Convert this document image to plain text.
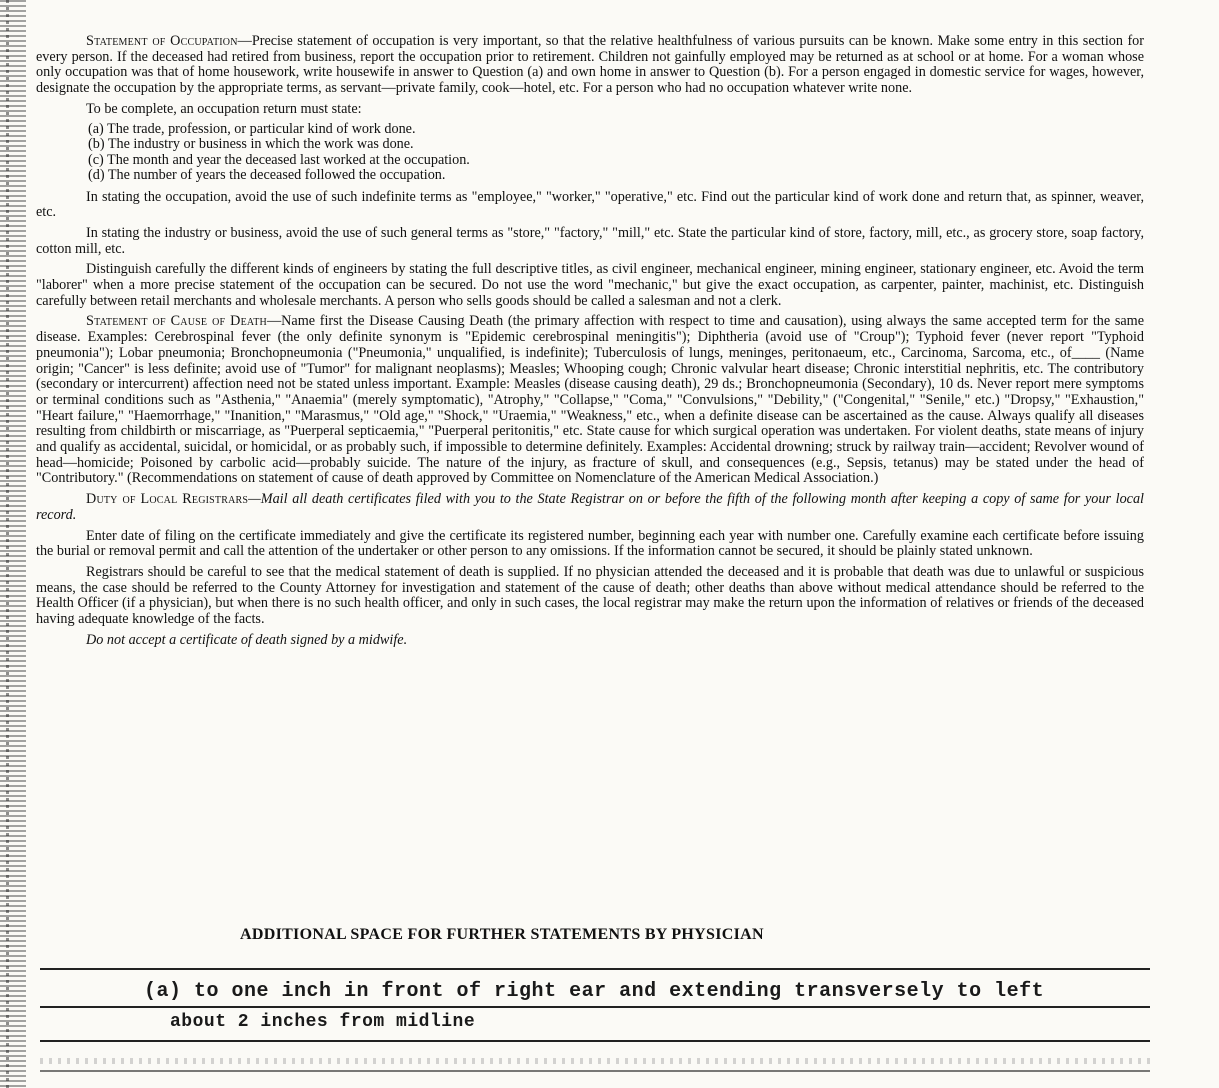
Statement of Occupation—Precise statement of occupation is very important, so that the relative healthfulness of various pursuits can be known. Make some entry in this section for every person. If the deceased had retired from business, report the occupation prior to retirement. Children not gainfully employed may be returned as at school or at home. For a woman whose only occupation was that of home housework, write housewife in answer to Question (a) and own home in answer to Question (b). For a person engaged in domestic service for wages, however, designate the occupation by the appropriate terms, as servant—private family, cook—hotel, etc. For a person who had no occupation whatever write none.

To be complete, an occupation return must state:

(a) The trade, profession, or particular kind of work done.

(b) The industry or business in which the work was done.

(c) The month and year the deceased last worked at the occupation.

(d) The number of years the deceased followed the occupation.

In stating the occupation, avoid the use of such indefinite terms as "employee," "worker," "operative," etc. Find out the particular kind of work done and return that, as spinner, weaver, etc.

In stating the industry or business, avoid the use of such general terms as "store," "factory," "mill," etc. State the particular kind of store, factory, mill, etc., as grocery store, soap factory, cotton mill, etc.

Distinguish carefully the different kinds of engineers by stating the full descriptive titles, as civil engineer, mechanical engineer, mining engineer, stationary engineer, etc. Avoid the term "laborer" when a more precise statement of the occupation can be secured. Do not use the word "mechanic," but give the exact occupation, as carpenter, painter, machinist, etc. Distinguish carefully between retail merchants and wholesale merchants. A person who sells goods should be called a salesman and not a clerk.

Statement of Cause of Death—Name first the Disease Causing Death (the primary affection with respect to time and causation), using always the same accepted term for the same disease. Examples: Cerebrospinal fever (the only definite synonym is "Epidemic cerebrospinal meningitis"); Diphtheria (avoid use of "Croup"); Typhoid fever (never report "Typhoid pneumonia"); Lobar pneumonia; Bronchopneumonia ("Pneumonia," unqualified, is indefinite); Tuberculosis of lungs, meninges, peritonaeum, etc., Carcinoma, Sarcoma, etc., of____ (Name origin; "Cancer" is less definite; avoid use of "Tumor" for malignant neoplasms); Measles; Whooping cough; Chronic valvular heart disease; Chronic interstitial nephritis, etc. The contributory (secondary or intercurrent) affection need not be stated unless important. Example: Measles (disease causing death), 29 ds.; Bronchopneumonia (Secondary), 10 ds. Never report mere symptoms or terminal conditions such as "Asthenia," "Anaemia" (merely symptomatic), "Atrophy," "Collapse," "Coma," "Convulsions," "Debility," ("Congenital," "Senile," etc.) "Dropsy," "Exhaustion," "Heart failure," "Haemorrhage," "Inanition," "Marasmus," "Old age," "Shock," "Uraemia," "Weakness," etc., when a definite disease can be ascertained as the cause. Always qualify all diseases resulting from childbirth or miscarriage, as "Puerperal septicaemia," "Puerperal peritonitis," etc. State cause for which surgical operation was undertaken. For violent deaths, state means of injury and qualify as accidental, suicidal, or homicidal, or as probably such, if impossible to determine definitely. Examples: Accidental drowning; struck by railway train—accident; Revolver wound of head—homicide; Poisoned by carbolic acid—probably suicide. The nature of the injury, as fracture of skull, and consequences (e.g., Sepsis, tetanus) may be stated under the head of "Contributory." (Recommendations on statement of cause of death approved by Committee on Nomenclature of the American Medical Association.)

Duty of Local Registrars—Mail all death certificates filed with you to the State Registrar on or before the fifth of the following month after keeping a copy of same for your local record.

Enter date of filing on the certificate immediately and give the certificate its registered number, beginning each year with number one. Carefully examine each certificate before issuing the burial or removal permit and call the attention of the undertaker or other person to any omissions. If the information cannot be secured, it should be plainly stated unknown.

Registrars should be careful to see that the medical statement of death is supplied. If no physician attended the deceased and it is probable that death was due to unlawful or suspicious means, the case should be referred to the County Attorney for investigation and statement of the cause of death; other deaths than above without medical attendance should be referred to the Health Officer (if a physician), but when there is no such health officer, and only in such cases, the local registrar may make the return upon the information of relatives or friends of the deceased having adequate knowledge of the facts.

Do not accept a certificate of death signed by a midwife.

ADDITIONAL SPACE FOR FURTHER STATEMENTS BY PHYSICIAN
(a) to one inch in front of right ear and extending transversely to left
about 2 inches from midline
